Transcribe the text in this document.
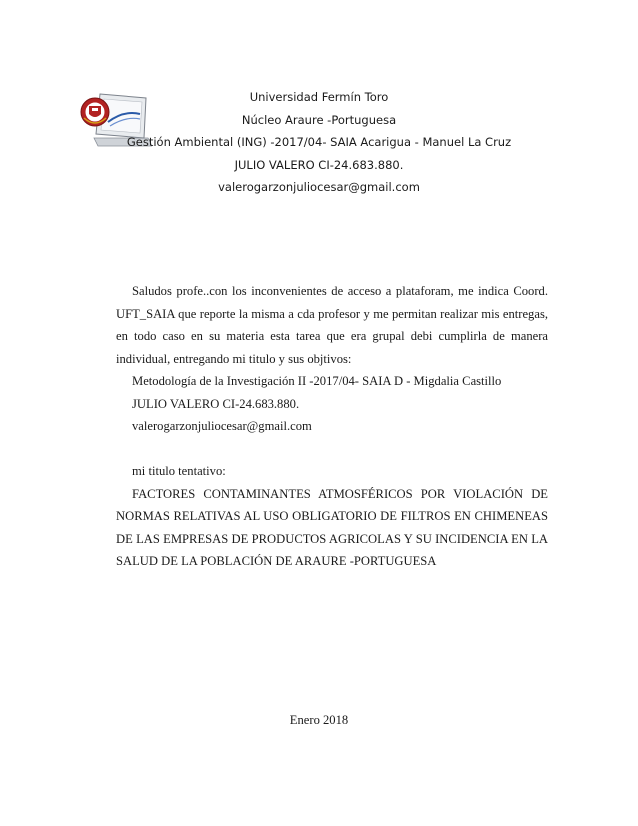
Universidad Fermín Toro
Núcleo Araure -Portuguesa
Gestión Ambiental (ING) -2017/04- SAIA Acarigua - Manuel La Cruz
JULIO VALERO CI-24.683.880.
valerogarzonjuliocesar@gmail.com
Saludos profe..con los inconvenientes de acceso a plataforam, me indica Coord. UFT_SAIA que reporte la misma a cda profesor y me permitan realizar mis entregas, en todo caso en su materia esta tarea que era grupal debi cumplirla de manera individual, entregando mi titulo y sus objtivos:
Metodología de la Investigación II -2017/04- SAIA D - Migdalia Castillo
JULIO VALERO CI-24.683.880.
valerogarzonjuliocesar@gmail.com
mi titulo tentativo:
FACTORES CONTAMINANTES ATMOSFÉRICOS POR VIOLACIÓN DE NORMAS RELATIVAS AL USO OBLIGATORIO DE FILTROS EN CHIMENEAS DE LAS EMPRESAS DE PRODUCTOS AGRICOLAS Y SU INCIDENCIA EN LA SALUD DE LA POBLACIÓN DE ARAURE -PORTUGUESA
Enero 2018
